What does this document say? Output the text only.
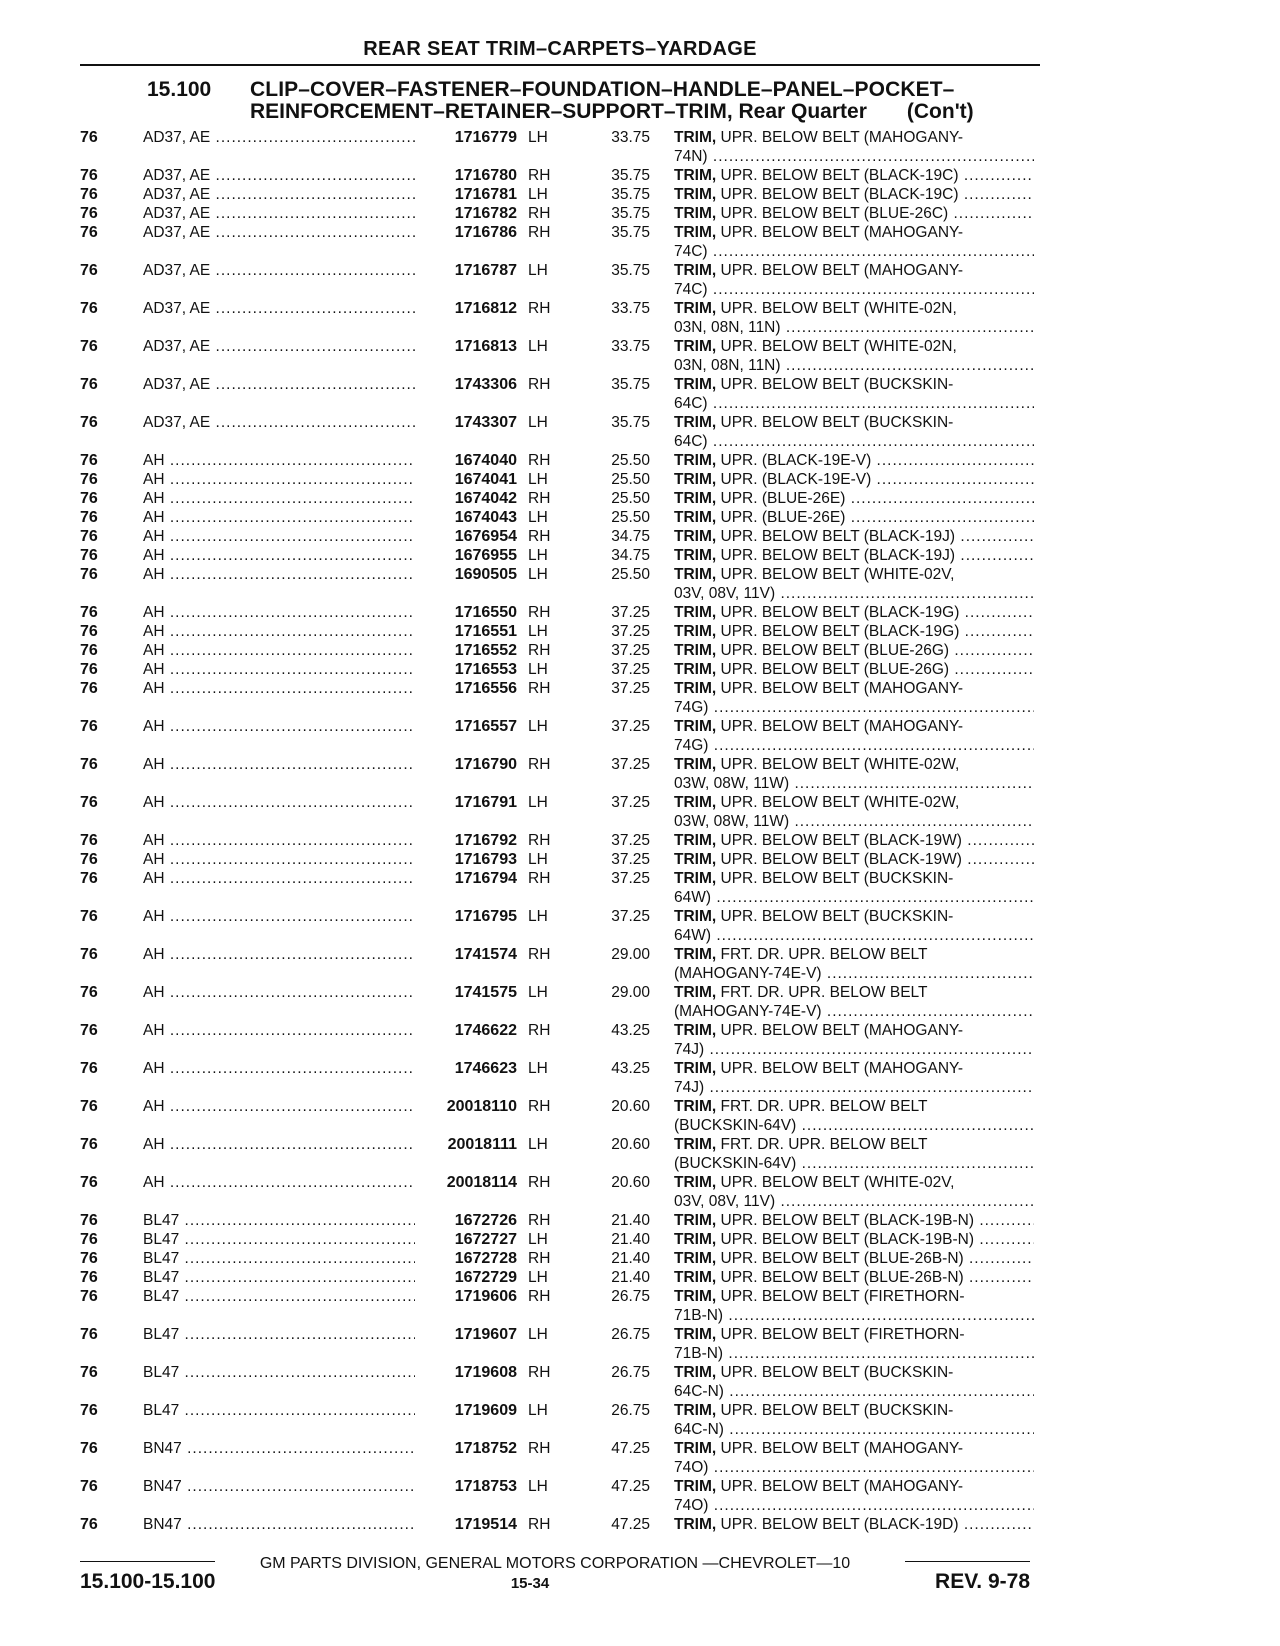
REAR SEAT TRIM–CARPETS–YARDAGE
15.100 CLIP–COVER–FASTENER–FOUNDATION–HANDLE–PANEL–POCKET–
REINFORCEMENT–RETAINER–SUPPORT–TRIM, Rear Quarter (Con't)
76	AD37, AE .....	1716779 LH	33.75 TRIM, UPR. BELOW BELT (MAHOGANY-
74N) .....
76	AD37, AE .....	1716780 RH	35.75 TRIM, UPR. BELOW BELT (BLACK-19C) .....
76	AD37, AE .....	1716781 LH	35.75 TRIM, UPR. BELOW BELT (BLACK-19C) .....
76	AD37, AE .....	1716782 RH	35.75 TRIM, UPR. BELOW BELT (BLUE-26C) .....
76	AD37, AE .....	1716786 RH	35.75 TRIM, UPR. BELOW BELT (MAHOGANY-
74C) .....
76	AD37, AE .....	1716787 LH	35.75 TRIM, UPR. BELOW BELT (MAHOGANY-
74C) .....
76	AD37, AE .....	1716812 RH	33.75 TRIM, UPR. BELOW BELT (WHITE-02N,
03N, 08N, 11N) .....
76	AD37, AE .....	1716813 LH	33.75 TRIM, UPR. BELOW BELT (WHITE-02N,
03N, 08N, 11N) .....
76	AD37, AE .....	1743306 RH	35.75 TRIM, UPR. BELOW BELT (BUCKSKIN-
64C) .....
76	AD37, AE .....	1743307 LH	35.75 TRIM, UPR. BELOW BELT (BUCKSKIN-
64C) .....
76	AH .....	1674040 RH	25.50 TRIM, UPR. (BLACK-19E-V) .....
76	AH .....	1674041 LH	25.50 TRIM, UPR. (BLACK-19E-V) .....
76	AH .....	1674042 RH	25.50 TRIM, UPR. (BLUE-26E) .....
76	AH .....	1674043 LH	25.50 TRIM, UPR. (BLUE-26E) .....
76	AH .....	1676954 RH	34.75 TRIM, UPR. BELOW BELT (BLACK-19J) .....
76	AH .....	1676955 LH	34.75 TRIM, UPR. BELOW BELT (BLACK-19J) .....
76	AH .....	1690505 LH	25.50 TRIM, UPR. BELOW BELT (WHITE-02V,
03V, 08V, 11V) .....
76	AH .....	1716550 RH	37.25 TRIM, UPR. BELOW BELT (BLACK-19G) .....
76	AH .....	1716551 LH	37.25 TRIM, UPR. BELOW BELT (BLACK-19G) .....
76	AH .....	1716552 RH	37.25 TRIM, UPR. BELOW BELT (BLUE-26G) .....
76	AH .....	1716553 LH	37.25 TRIM, UPR. BELOW BELT (BLUE-26G) .....
76	AH .....	1716556 RH	37.25 TRIM, UPR. BELOW BELT (MAHOGANY-
74G) .....
76	AH .....	1716557 LH	37.25 TRIM, UPR. BELOW BELT (MAHOGANY-
74G) .....
76	AH .....	1716790 RH	37.25 TRIM, UPR. BELOW BELT (WHITE-02W,
03W, 08W, 11W) .....
76	AH .....	1716791 LH	37.25 TRIM, UPR. BELOW BELT (WHITE-02W,
03W, 08W, 11W) .....
76	AH .....	1716792 RH	37.25 TRIM, UPR. BELOW BELT (BLACK-19W) .....
76	AH .....	1716793 LH	37.25 TRIM, UPR. BELOW BELT (BLACK-19W) .....
76	AH .....	1716794 RH	37.25 TRIM, UPR. BELOW BELT (BUCKSKIN-
64W) .....
76	AH .....	1716795 LH	37.25 TRIM, UPR. BELOW BELT (BUCKSKIN-
64W) .....
76	AH .....	1741574 RH	29.00 TRIM, FRT. DR. UPR. BELOW BELT
(MAHOGANY-74E-V) .....
76	AH .....	1741575 LH	29.00 TRIM, FRT. DR. UPR. BELOW BELT
(MAHOGANY-74E-V) .....
76	AH .....	1746622 RH	43.25 TRIM, UPR. BELOW BELT (MAHOGANY-
74J) .....
76	AH .....	1746623 LH	43.25 TRIM, UPR. BELOW BELT (MAHOGANY-
74J) .....
76	AH .....	20018110 RH	20.60 TRIM, FRT. DR. UPR. BELOW BELT
(BUCKSKIN-64V) .....
76	AH .....	20018111 LH	20.60 TRIM, FRT. DR. UPR. BELOW BELT
(BUCKSKIN-64V) .....
76	AH .....	20018114 RH	20.60 TRIM, UPR. BELOW BELT (WHITE-02V,
03V, 08V, 11V) .....
76	BL47 .....	1672726 RH	21.40 TRIM, UPR. BELOW BELT (BLACK-19B-N) .....
76	BL47 .....	1672727 LH	21.40 TRIM, UPR. BELOW BELT (BLACK-19B-N) .....
76	BL47 .....	1672728 RH	21.40 TRIM, UPR. BELOW BELT (BLUE-26B-N) .....
76	BL47 .....	1672729 LH	21.40 TRIM, UPR. BELOW BELT (BLUE-26B-N) .....
76	BL47 .....	1719606 RH	26.75 TRIM, UPR. BELOW BELT (FIRETHORN-
71B-N) .....
76	BL47 .....	1719607 LH	26.75 TRIM, UPR. BELOW BELT (FIRETHORN-
71B-N) .....
76	BL47 .....	1719608 RH	26.75 TRIM, UPR. BELOW BELT (BUCKSKIN-
64C-N) .....
76	BL47 .....	1719609 LH	26.75 TRIM, UPR. BELOW BELT (BUCKSKIN-
64C-N) .....
76	BN47 .....	1718752 RH	47.25 TRIM, UPR. BELOW BELT (MAHOGANY-
74O) .....
76	BN47 .....	1718753 LH	47.25 TRIM, UPR. BELOW BELT (MAHOGANY-
74O) .....
76	BN47 .....	1719514 RH	47.25 TRIM, UPR. BELOW BELT (BLACK-19D) .....
GM PARTS DIVISION, GENERAL MOTORS CORPORATION —CHEVROLET—10
15.100-15.100	15-34	REV. 9-78
